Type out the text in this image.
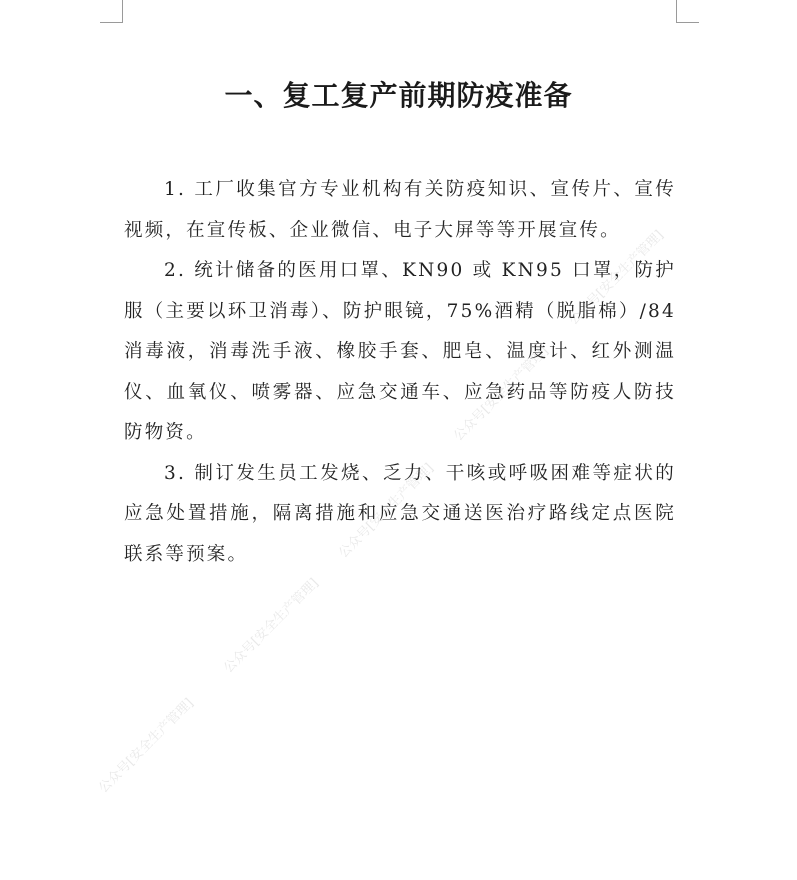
一、复工复产前期防疫准备

1. 工厂收集官方专业机构有关防疫知识、宣传片、宣传视频，在宣传板、企业微信、电子大屏等等开展宣传。

2. 统计储备的医用口罩、KN90 或 KN95 口罩，防护服（主要以环卫消毒）、防护眼镜，75%酒精（脱脂棉）/84 消毒液，消毒洗手液、橡胶手套、肥皂、温度计、红外测温仪、血氧仪、喷雾器、应急交通车、应急药品等防疫人防技防物资。

3. 制订发生员工发烧、乏力、干咳或呼吸困难等症状的应急处置措施，隔离措施和应急交通送医治疗路线定点医院联系等预案。

公众号[安全生产管理]
公众号[安全生产管理]
公众号[安全生产管理]
公众号[安全生产管理]
公众号[安全生产管理]
